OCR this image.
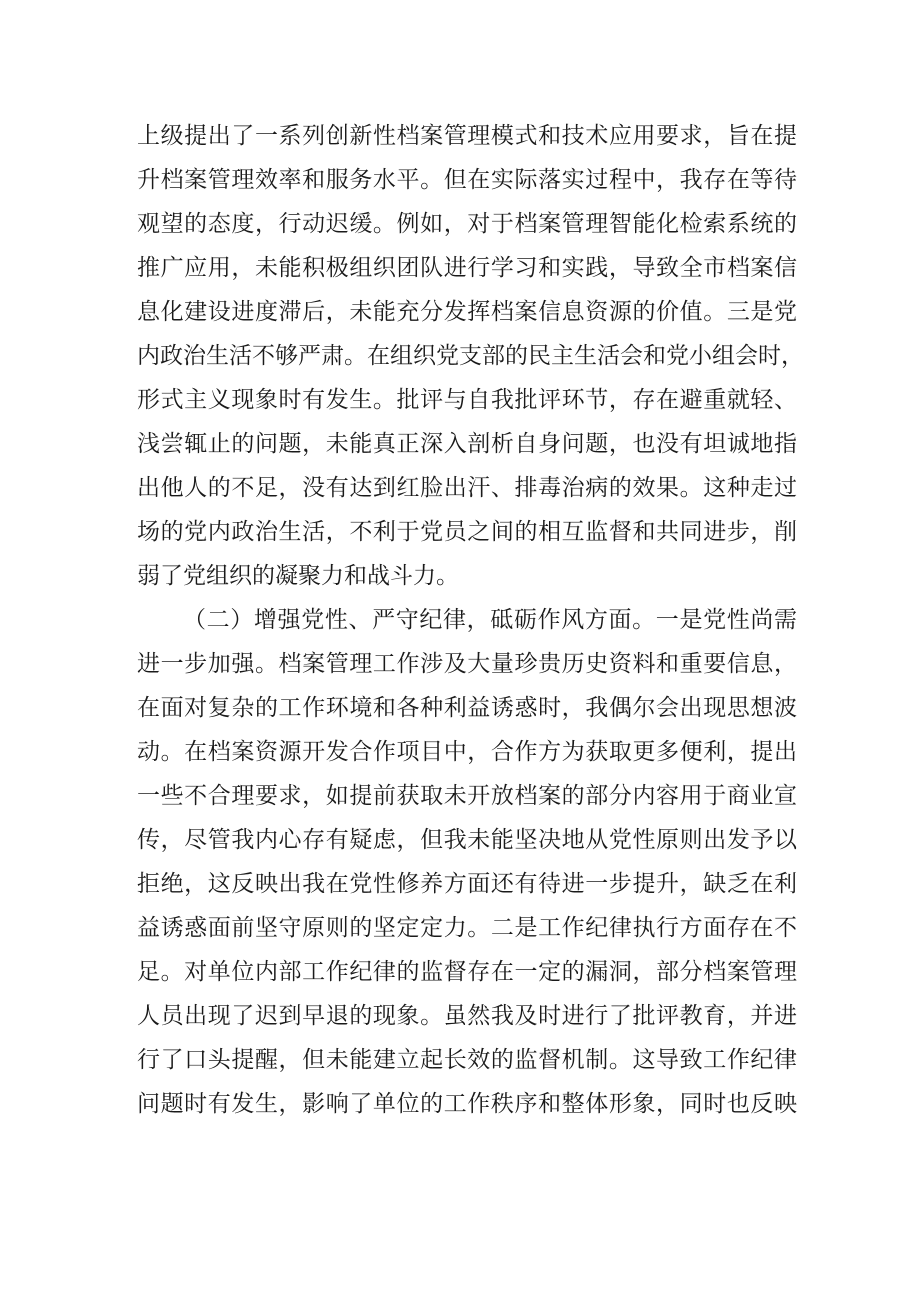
上级提出了一系列创新性档案管理模式和技术应用要求，旨在提
升档案管理效率和服务水平。但在实际落实过程中，我存在等待
观望的态度，行动迟缓。例如，对于档案管理智能化检索系统的
推广应用，未能积极组织团队进行学习和实践，导致全市档案信
息化建设进度滞后，未能充分发挥档案信息资源的价值。三是党
内政治生活不够严肃。在组织党支部的民主生活会和党小组会时，
形式主义现象时有发生。批评与自我批评环节，存在避重就轻、
浅尝辄止的问题，未能真正深入剖析自身问题，也没有坦诚地指
出他人的不足，没有达到红脸出汗、排毒治病的效果。这种走过
场的党内政治生活，不利于党员之间的相互监督和共同进步，削
弱了党组织的凝聚力和战斗力。
（二）增强党性、严守纪律，砥砺作风方面。一是党性尚需
进一步加强。档案管理工作涉及大量珍贵历史资料和重要信息，
在面对复杂的工作环境和各种利益诱惑时，我偶尔会出现思想波
动。在档案资源开发合作项目中，合作方为获取更多便利，提出
一些不合理要求，如提前获取未开放档案的部分内容用于商业宣
传，尽管我内心存有疑虑，但我未能坚决地从党性原则出发予以
拒绝，这反映出我在党性修养方面还有待进一步提升，缺乏在利
益诱惑面前坚守原则的坚定定力。二是工作纪律执行方面存在不
足。对单位内部工作纪律的监督存在一定的漏洞，部分档案管理
人员出现了迟到早退的现象。虽然我及时进行了批评教育，并进
行了口头提醒，但未能建立起长效的监督机制。这导致工作纪律
问题时有发生，影响了单位的工作秩序和整体形象，同时也反映
